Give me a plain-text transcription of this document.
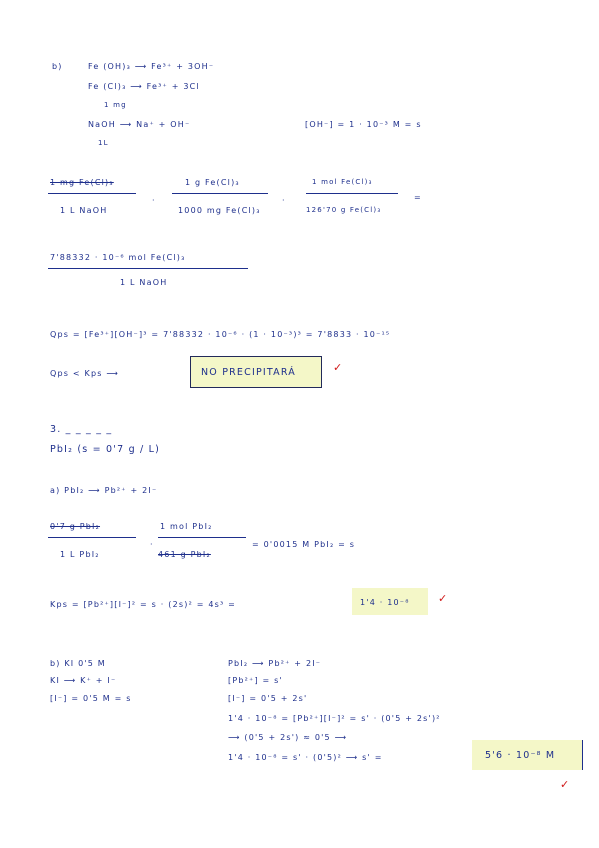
b)	Fe (OH)₃ ⟶ Fe³⁺ + 3OH⁻
Fe (Cl)₃ ⟶ Fe³⁺ + 3Cl
1 mg
NaOH ⟶ Na⁺ + OH⁻	[OH⁻] = 1 · 10⁻³ M = s
1L
1 mg Fe(Cl)₃
1 L NaOH
·
1 g Fe(Cl)₃
1000 mg Fe(Cl)₃
·
1 mol Fe(Cl)₃
126'70 g Fe(Cl)₃
=
7'88332 · 10⁻⁶ mol Fe(Cl)₃
1 L NaOH
Qps = [Fe³⁺][OH⁻]³ = 7'88332 · 10⁻⁶ · (1 · 10⁻³)³ = 7'8833 · 10⁻¹⁵
Qps < Kps ⟶	NO PRECIPITARÁ	✓
3. _ _ _ _ _
PbI₂ (s = 0'7 g / L)
a) PbI₂ ⟶ Pb²⁺ + 2I⁻
0'7 g PbI₂
1 L PbI₂
·
1 mol PbI₂
461 g PbI₂
= 0'0015 M PbI₂ = s
Kps = [Pb²⁺][I⁻]² = s · (2s)² = 4s³ =	1'4 · 10⁻⁸	✓
b) KI 0'5 M
KI ⟶ K⁺ + I⁻
[I⁻] = 0'5 M = s
PbI₂ ⟶ Pb²⁺ + 2I⁻
[Pb²⁺] = s'
[I⁻] = 0'5 + 2s'
1'4 · 10⁻⁸ = [Pb²⁺][I⁻]² = s' · (0'5 + 2s')²
⟶ (0'5 + 2s') ≈ 0'5 ⟶
1'4 · 10⁻⁸ = s' · (0'5)² ⟶ s' =	5'6 · 10⁻⁸ M
✓
